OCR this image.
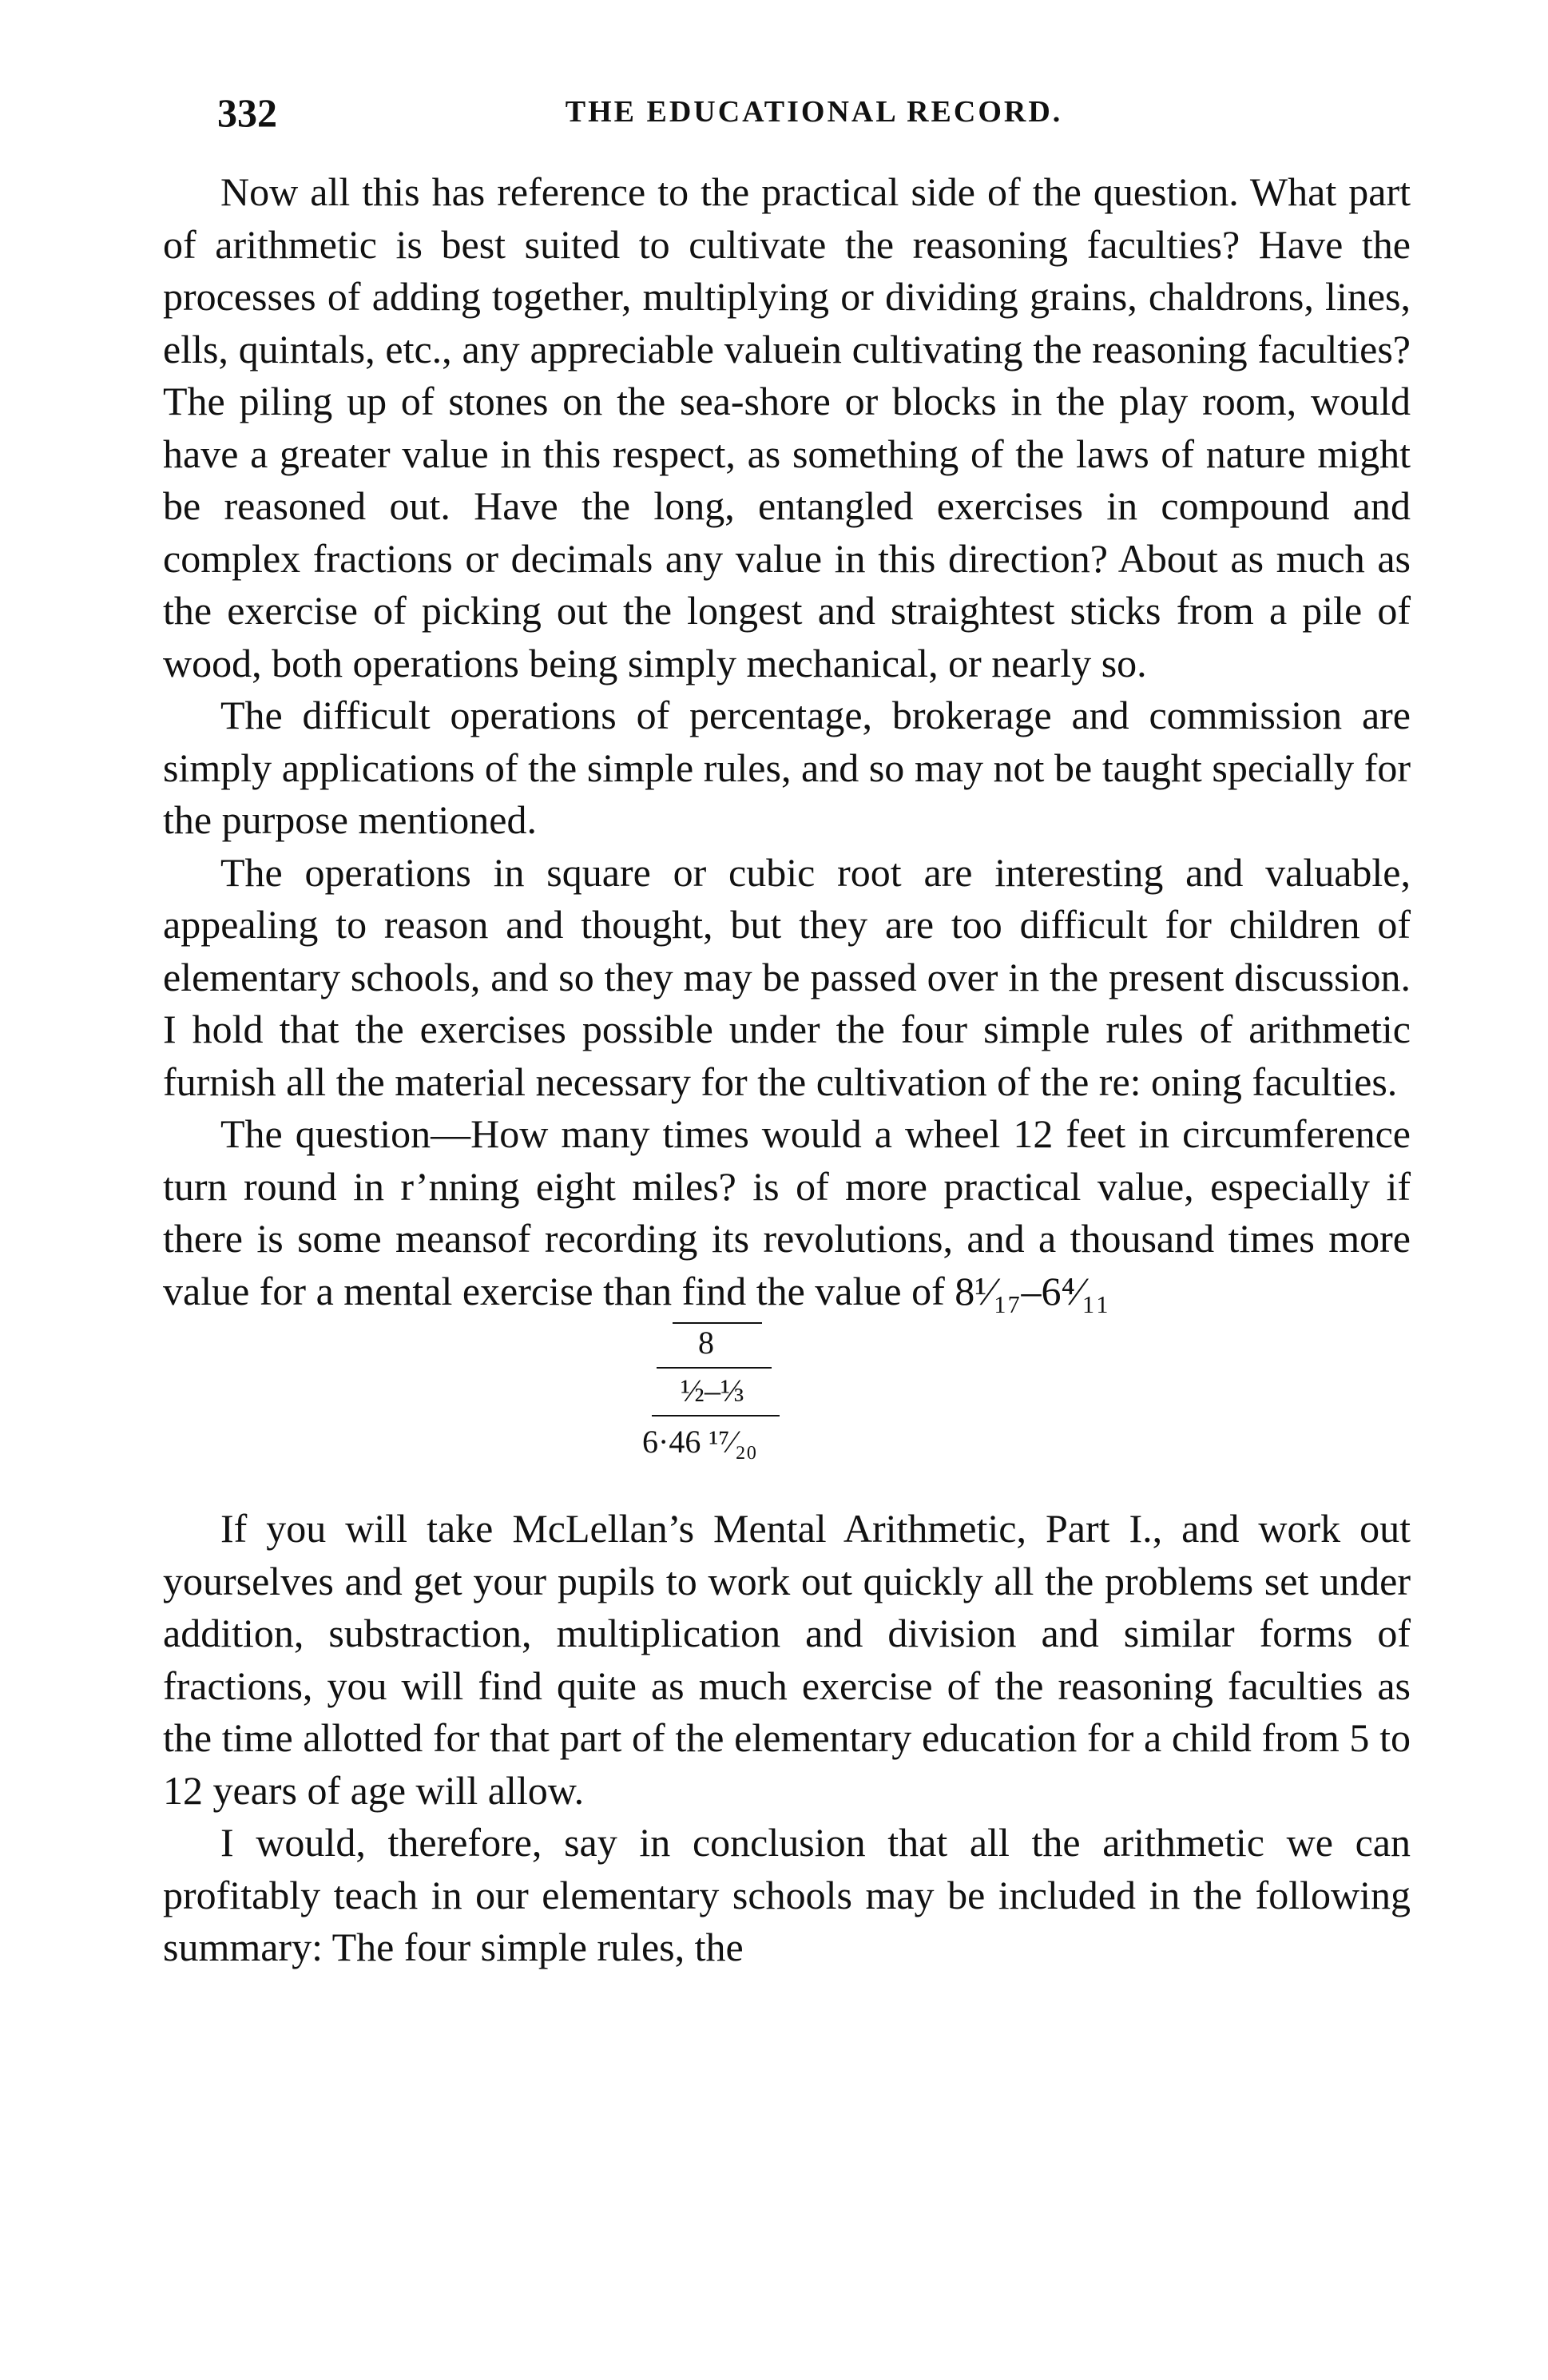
332	THE EDUCATIONAL RECORD.

Now all this has reference to the practical side of the question. What part of arithmetic is best suited to cultivate the reasoning faculties? Have the processes of adding together, multiplying or dividing grains, chaldrons, lines, ells, quintals, etc., any appreciable valuein cultivating the reasoning faculties? The piling up of stones on the sea-shore or blocks in the play room, would have a greater value in this respect, as something of the laws of nature might be reasoned out. Have the long, entangled exercises in compound and complex fractions or decimals any value in this direction? About as much as the exercise of picking out the longest and straightest sticks from a pile of wood, both operations being simply mechanical, or nearly so.

The difficult operations of percentage, brokerage and commission are simply applications of the simple rules, and so may not be taught specially for the purpose mentioned.

The operations in square or cubic root are interesting and valuable, appealing to reason and thought, but they are too difficult for children of elementary schools, and so they may be passed over in the present discussion. I hold that the exercises possible under the four simple rules of arithmetic furnish all the material necessary for the cultivation of the re: oning faculties.

The question—How many times would a wheel 12 feet in circumference turn round in r’nning eight miles? is of more practical value, especially if there is some meansof recording its revolutions, and a thousand times more value for a mental exercise than find the value of 8¹⁄₁₇–6⁴⁄₁₁

8
½–⅓
6·46 ¹⁷⁄₂₀

If you will take McLellan’s Mental Arithmetic, Part I., and work out yourselves and get your pupils to work out quickly all the problems set under addition, substraction, multiplication and division and similar forms of fractions, you will find quite as much exercise of the reasoning faculties as the time allotted for that part of the elementary education for a child from 5 to 12 years of age will allow.

I would, therefore, say in conclusion that all the arithmetic we can profitably teach in our elementary schools may be included in the following summary: The four simple rules, the
